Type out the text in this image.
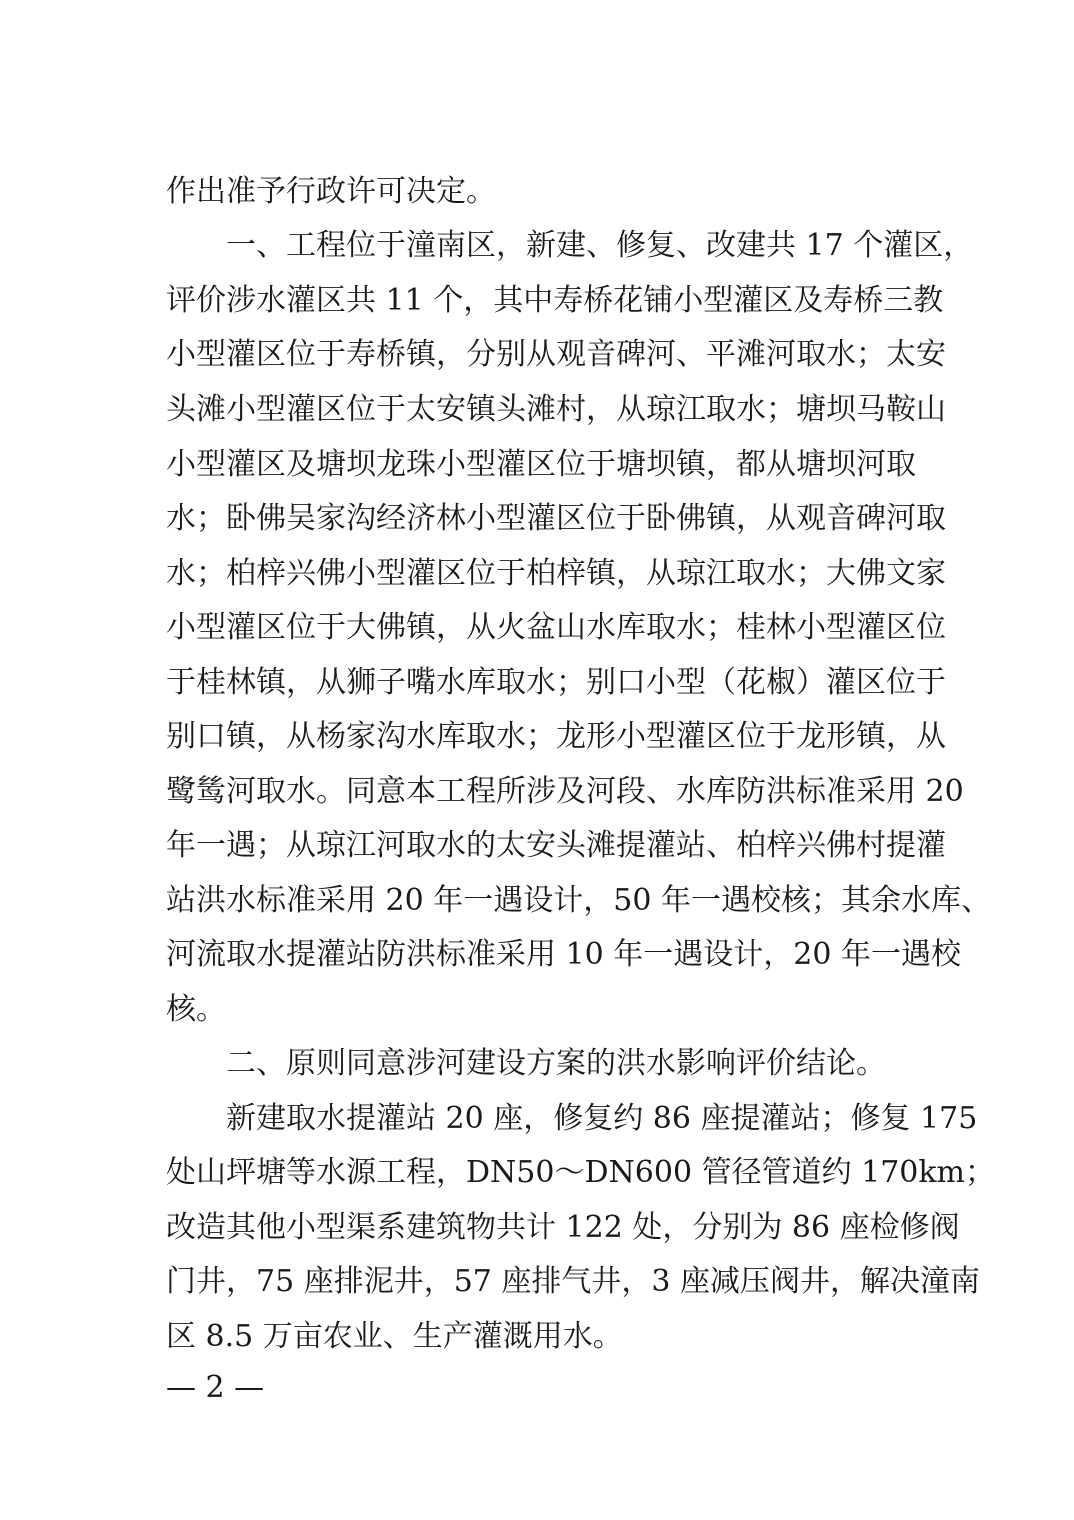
作出准予行政许可决定。
一、工程位于潼南区，新建、修复、改建共 17 个灌区，
评价涉水灌区共 11 个，其中寿桥花铺小型灌区及寿桥三教
小型灌区位于寿桥镇，分别从观音碑河、平滩河取水；太安
头滩小型灌区位于太安镇头滩村，从琼江取水；塘坝马鞍山
小型灌区及塘坝龙珠小型灌区位于塘坝镇，都从塘坝河取
水；卧佛吴家沟经济林小型灌区位于卧佛镇，从观音碑河取
水；柏梓兴佛小型灌区位于柏梓镇，从琼江取水；大佛文家
小型灌区位于大佛镇，从火盆山水库取水；桂林小型灌区位
于桂林镇，从狮子嘴水库取水；别口小型（花椒）灌区位于
别口镇，从杨家沟水库取水；龙形小型灌区位于龙形镇，从
鹭鸶河取水。同意本工程所涉及河段、水库防洪标准采用 20
年一遇；从琼江河取水的太安头滩提灌站、柏梓兴佛村提灌
站洪水标准采用 20 年一遇设计，50 年一遇校核；其余水库、
河流取水提灌站防洪标准采用 10 年一遇设计，20 年一遇校
核。
二、原则同意涉河建设方案的洪水影响评价结论。
新建取水提灌站 20 座，修复约 86 座提灌站；修复 175
处山坪塘等水源工程，DN50～DN600 管径管道约 170km；
改造其他小型渠系建筑物共计 122 处，分别为 86 座检修阀
门井，75 座排泥井，57 座排气井，3 座减压阀井，解决潼南
区 8.5 万亩农业、生产灌溉用水。
— 2 —
